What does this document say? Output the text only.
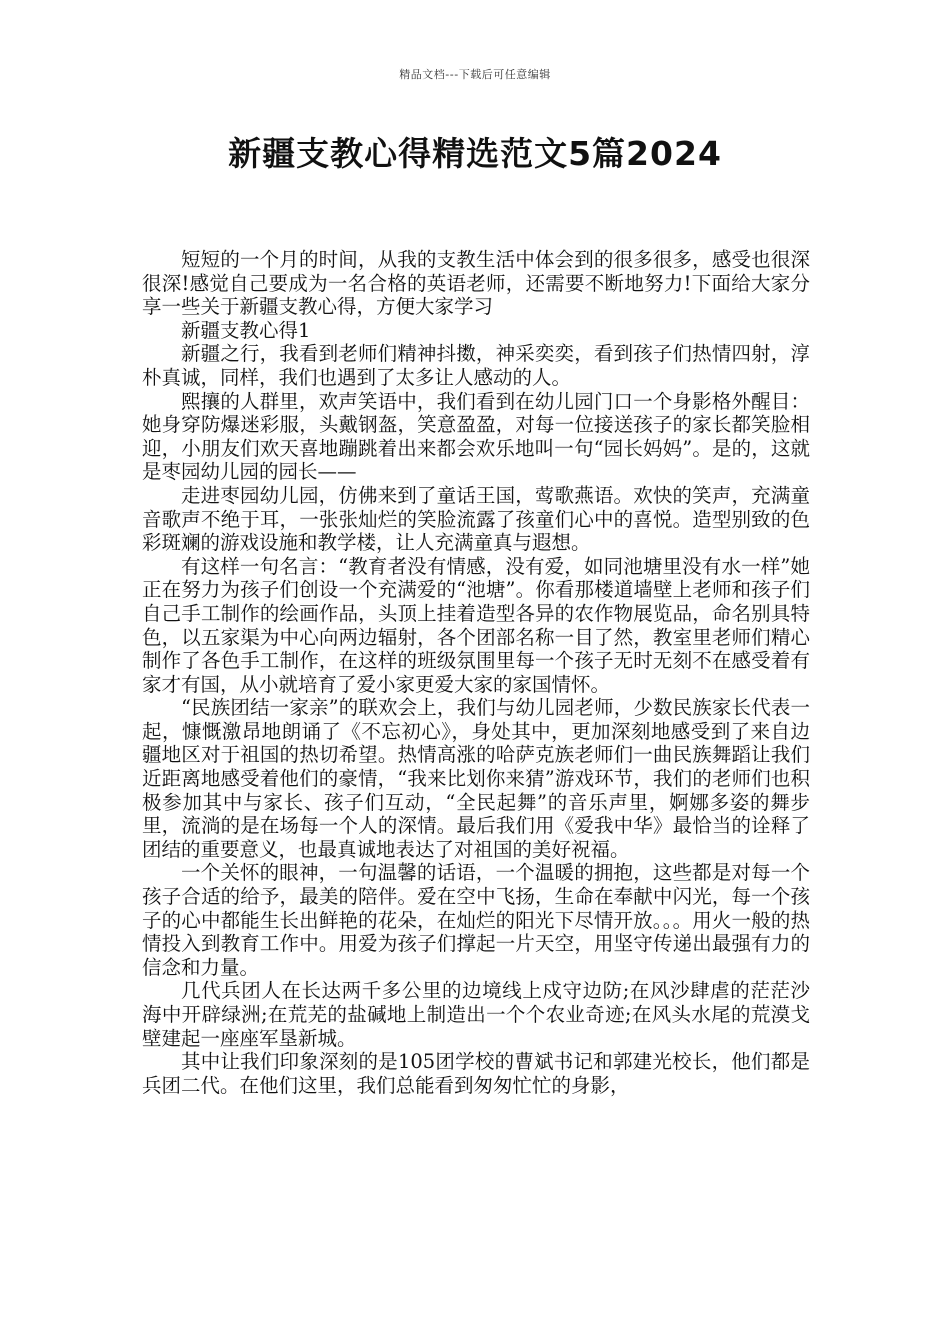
精品文档---下载后可任意编辑
新疆支教心得精选范文5篇2024

短短的一个月的时间，从我的支教生活中体会到的很多很多，感受也很深很深!感觉自己要成为一名合格的英语老师，还需要不断地努力!下面给大家分享一些关于新疆支教心得，方便大家学习

新疆支教心得1

新疆之行，我看到老师们精神抖擞，神采奕奕，看到孩子们热情四射，淳朴真诚，同样，我们也遇到了太多让人感动的人。

熙攘的人群里，欢声笑语中，我们看到在幼儿园门口一个身影格外醒目：她身穿防爆迷彩服，头戴钢盔，笑意盈盈，对每一位接送孩子的家长都笑脸相迎，小朋友们欢天喜地蹦跳着出来都会欢乐地叫一句“园长妈妈”。是的，这就是枣园幼儿园的园长——

走进枣园幼儿园，仿佛来到了童话王国，莺歌燕语。欢快的笑声，充满童音歌声不绝于耳，一张张灿烂的笑脸流露了孩童们心中的喜悦。造型别致的色彩斑斓的游戏设施和教学楼，让人充满童真与遐想。

有这样一句名言：“教育者没有情感，没有爱，如同池塘里没有水一样”她正在努力为孩子们创设一个充满爱的“池塘”。你看那楼道墙壁上老师和孩子们自己手工制作的绘画作品，头顶上挂着造型各异的农作物展览品，命名别具特色，以五家渠为中心向两边辐射，各个团部名称一目了然，教室里老师们精心制作了各色手工制作，在这样的班级氛围里每一个孩子无时无刻不在感受着有家才有国，从小就培育了爱小家更爱大家的家国情怀。

“民族团结一家亲”的联欢会上，我们与幼儿园老师，少数民族家长代表一起，慷慨激昂地朗诵了《不忘初心》，身处其中，更加深刻地感受到了来自边疆地区对于祖国的热切希望。热情高涨的哈萨克族老师们一曲民族舞蹈让我们近距离地感受着他们的豪情，“我来比划你来猜”游戏环节，我们的老师们也积极参加其中与家长、孩子们互动，“全民起舞”的音乐声里，婀娜多姿的舞步里，流淌的是在场每一个人的深情。最后我们用《爱我中华》最恰当的诠释了团结的重要意义，也最真诚地表达了对祖国的美好祝福。

一个关怀的眼神，一句温馨的话语，一个温暖的拥抱，这些都是对每一个孩子合适的给予，最美的陪伴。爱在空中飞扬，生命在奉献中闪光，每一个孩子的心中都能生长出鲜艳的花朵，在灿烂的阳光下尽情开放。。。用火一般的热情投入到教育工作中。用爱为孩子们撑起一片天空，用坚守传递出最强有力的信念和力量。

几代兵团人在长达两千多公里的边境线上戍守边防;在风沙肆虐的茫茫沙海中开辟绿洲;在荒芜的盐碱地上制造出一个个农业奇迹;在风头水尾的荒漠戈壁建起一座座军垦新城。

其中让我们印象深刻的是105团学校的曹斌书记和郭建光校长，他们都是兵团二代。在他们这里，我们总能看到匆匆忙忙的身影，
